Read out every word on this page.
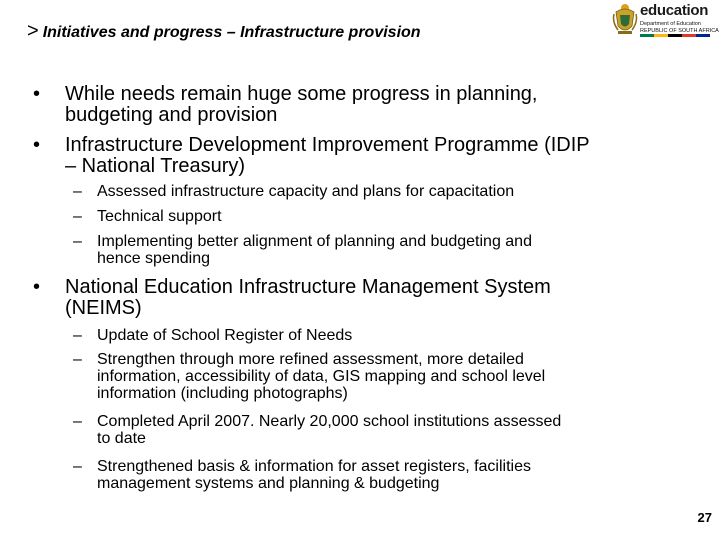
> Initiatives and progress – Infrastructure provision
education
Department of Education
REPUBLIC OF SOUTH AFRICA
• While needs remain huge some progress in planning,
budgeting and provision
• Infrastructure Development Improvement Programme (IDIP
– National Treasury)
– Assessed infrastructure capacity and plans for capacitation
– Technical support
– Implementing better alignment of planning and budgeting and
hence spending
• National Education Infrastructure Management System
(NEIMS)
– Update of School Register of Needs
– Strengthen through more refined assessment, more detailed
information, accessibility of data, GIS mapping and school level
information (including photographs)
– Completed April 2007. Nearly 20,000 school institutions assessed
to date
– Strengthened basis & information for asset registers, facilities
management systems and planning & budgeting
27
